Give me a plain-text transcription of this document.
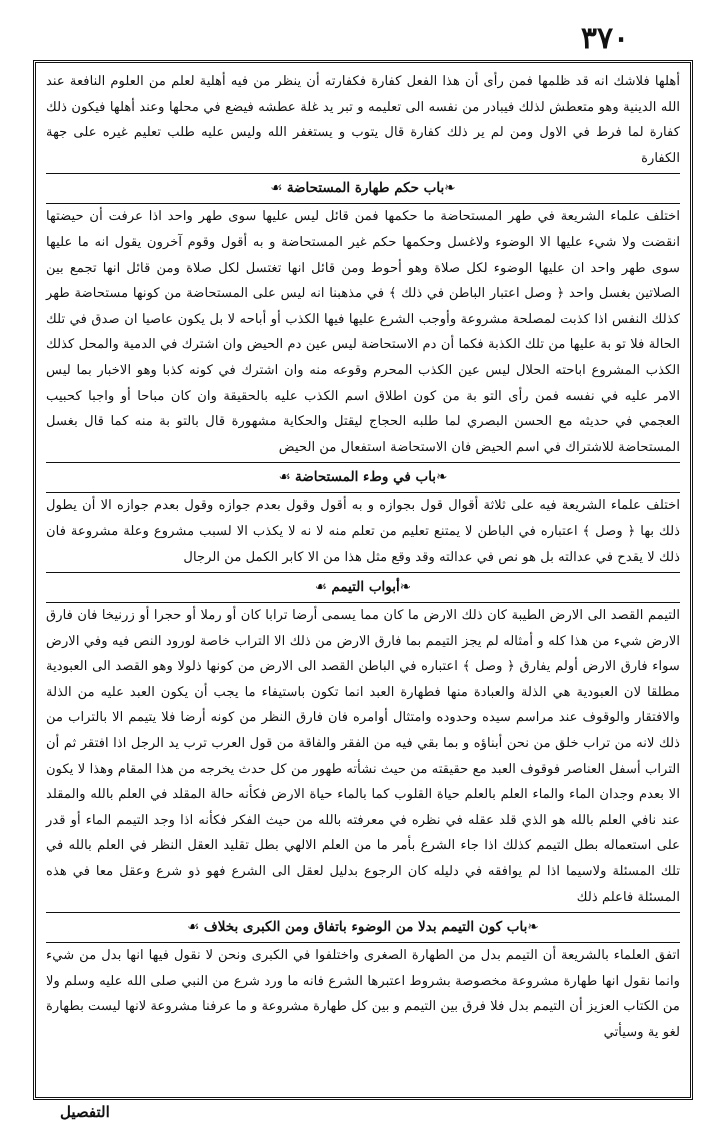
٣٧٠

أهلها فلاشك انه قد ظلمها فمن رأى أن هذا الفعل كفارة فكفارته أن ينظر من فيه أهلية لعلم من العلوم النافعة عند الله الدينية وهو متعطش لذلك فيبادر من نفسه الى تعليمه و تبر يد غلة عطشه فيضع في محلها وعند أهلها فيكون ذلك كفارة لما فرط في الاول ومن لم ير ذلك كفارة قال يتوب و يستغفر الله وليس عليه طلب تعليم غيره على جهة الكفارة

❧ باب حكم طهارة المستحاضة ☙

اختلف علماء الشريعة في طهر المستحاضة ما حكمها فمن قائل ليس عليها سوى طهر واحد اذا عرفت أن حيضتها انقضت ولا شيء عليها الا الوضوء ولاغسل وحكمها حكم غير المستحاضة و به أقول وقوم آخرون يقول انه ما عليها سوى طهر واحد ان عليها الوضوء لكل صلاة وهو أحوط ومن قائل انها تغتسل لكل صلاة ومن قائل انها تجمع بين الصلاتين بغسل واحد ﴿ وصل اعتبار الباطن في ذلك ﴾ في مذهبنا انه ليس على المستحاضة من كونها مستحاضة طهر كذلك النفس اذا كذبت لمصلحة مشروعة وأوجب الشرع عليها فيها الكذب أو أباحه لا بل يكون عاصيا ان صدق في تلك الحالة فلا تو بة عليها من تلك الكذبة فكما أن دم الاستحاضة ليس عين دم الحيض وان اشترك في الدمية والمحل كذلك الكذب المشروع اباحته الحلال ليس عين الكذب المحرم وقوعه منه وان اشترك في كونه كذبا وهو الاخبار بما ليس الامر عليه في نفسه فمن رأى التو بة من كون اطلاق اسم الكذب عليه بالحقيقة وان كان مباحا أو واجبا كحبيب العجمي في حديثه مع الحسن البصري لما طلبه الحجاج ليقتل والحكاية مشهورة قال بالتو بة منه كما قال بغسل المستحاضة للاشتراك في اسم الحيض فان الاستحاضة استفعال من الحيض

❧ باب في وطء المستحاضة ☙

اختلف علماء الشريعة فيه على ثلاثة أقوال قول بجوازه و به أقول وقول بعدم جوازه وقول بعدم جوازه الا أن يطول ذلك بها ﴿ وصل ﴾ اعتباره في الباطن لا يمتنع تعليم من تعلم منه لا نه لا يكذب الا لسبب مشروع وعلة مشروعة فان ذلك لا يقدح في عدالته بل هو نص في عدالته وقد وقع مثل هذا من الا كابر الكمل من الرجال

❧ أبواب التيمم ☙

التيمم القصد الى الارض الطيبة كان ذلك الارض ما كان مما يسمى أرضا ترابا كان أو رملا أو حجرا أو زرنيخا فان فارق الارض شيء من هذا كله و أمثاله لم يجز التيمم بما فارق الارض من ذلك الا التراب خاصة لورود النص فيه وفي الارض سواء فارق الارض أولم يفارق ﴿ وصل ﴾ اعتباره في الباطن القصد الى الارض من كونها ذلولا وهو القصد الى العبودية مطلقا لان العبودية هي الذلة والعبادة منها فطهارة العبد انما تكون باستيفاء ما يجب أن يكون العبد عليه من الذلة والافتقار والوقوف عند مراسم سيده وحدوده وامتثال أوامره فان فارق النظر من كونه أرضا فلا يتيمم الا بالتراب من ذلك لانه من تراب خلق من نحن أبناؤه و بما بقي فيه من الفقر والفاقة من قول العرب ترب يد الرجل اذا افتقر ثم أن التراب أسفل العناصر فوقوف العبد مع حقيقته من حيث نشأته طهور من كل حدث يخرجه من هذا المقام وهذا لا يكون الا بعدم وجدان الماء والماء العلم بالعلم حياة القلوب كما بالماء حياة الارض فكأنه حالة المقلد في العلم بالله والمقلد عند نافي العلم بالله هو الذي قلد عقله في نظره في معرفته بالله من حيث الفكر فكأنه اذا وجد التيمم الماء أو قدر على استعماله بطل التيمم كذلك اذا جاء الشرع بأمر ما من العلم الالهي بطل تقليد العقل النظر في العلم بالله في تلك المسئلة ولاسيما اذا لم يوافقه في دليله كان الرجوع بدليل لعقل الى الشرع فهو ذو شرع وعقل معا في هذه المسئلة فاعلم ذلك

❧ باب كون التيمم بدلا من الوضوء باتفاق ومن الكبرى بخلاف ☙

اتفق العلماء بالشريعة أن التيمم بدل من الطهارة الصغرى واختلفوا في الكبرى ونحن لا نقول فيها انها بدل من شيء وانما نقول انها طهارة مشروعة مخصوصة بشروط اعتبرها الشرع فانه ما ورد شرع من النبي صلى الله عليه وسلم ولا من الكتاب العزيز أن التيمم بدل فلا فرق بين التيمم و بين كل طهارة مشروعة و ما عرفنا مشروعة لانها ليست بطهارة لغو ية وسيأتي

التفصيل
